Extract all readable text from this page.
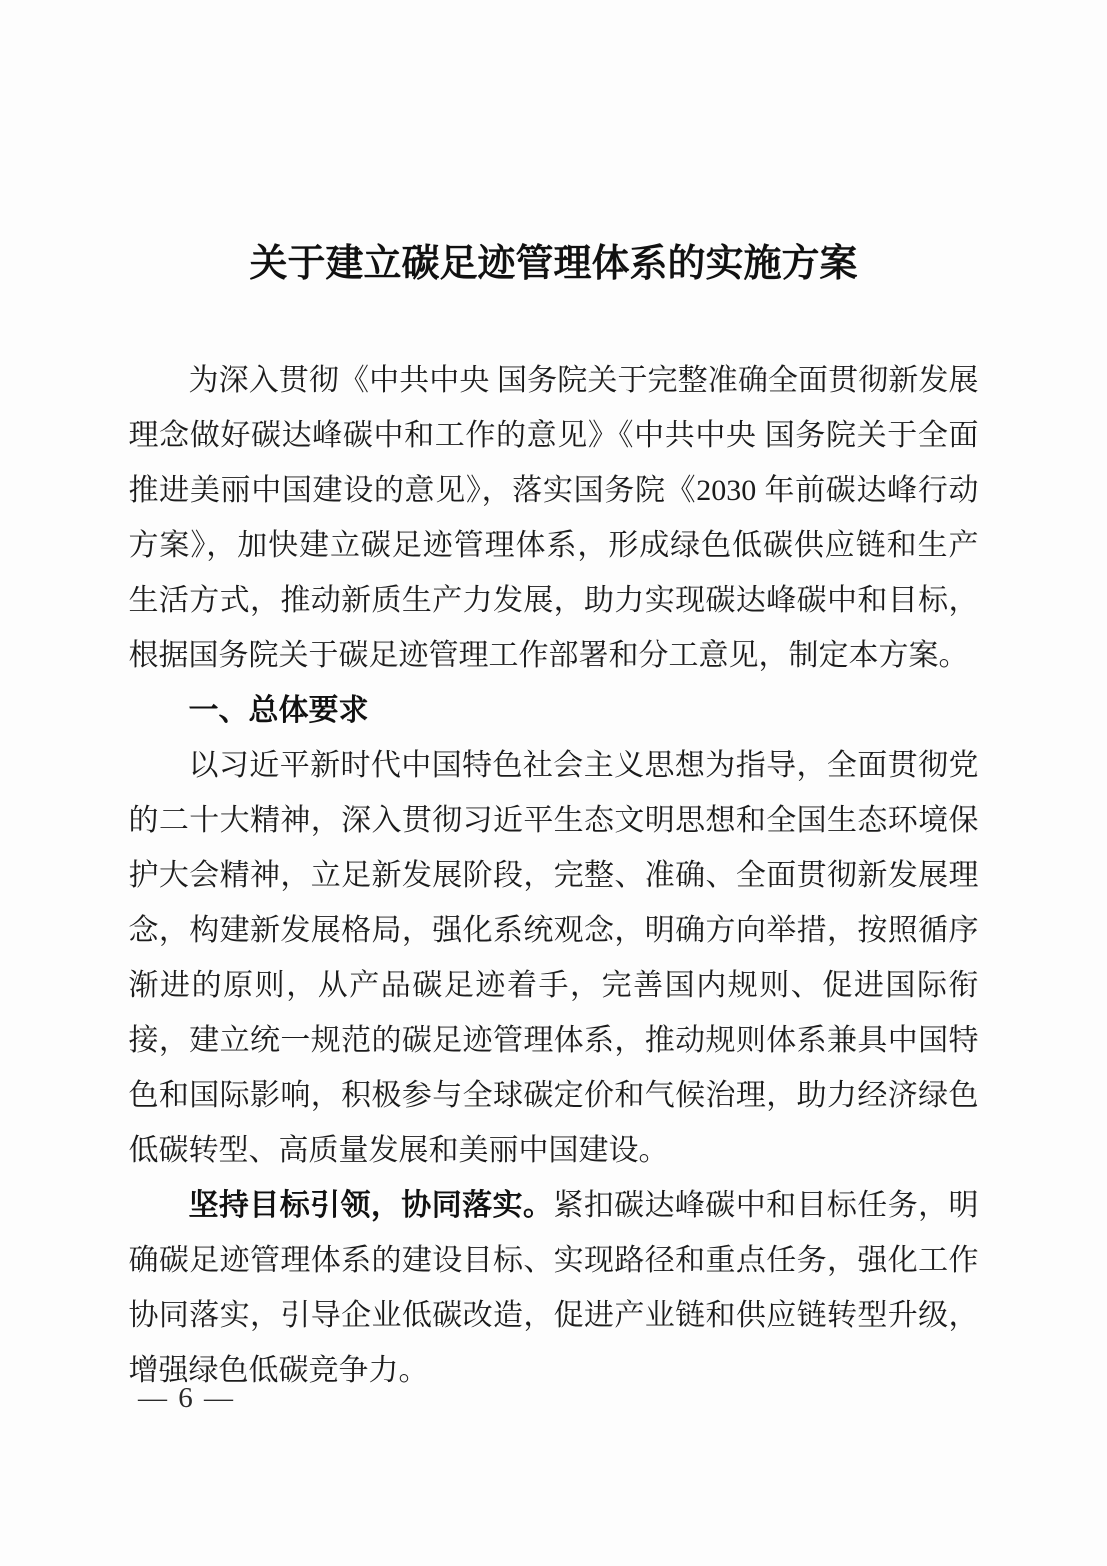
关于建立碳足迹管理体系的实施方案

为深入贯彻《中共中央 国务院关于完整准确全面贯彻新发展理念做好碳达峰碳中和工作的意见》《中共中央 国务院关于全面推进美丽中国建设的意见》，落实国务院《2030 年前碳达峰行动方案》，加快建立碳足迹管理体系，形成绿色低碳供应链和生产生活方式，推动新质生产力发展，助力实现碳达峰碳中和目标，根据国务院关于碳足迹管理工作部署和分工意见，制定本方案。

一、总体要求

以习近平新时代中国特色社会主义思想为指导，全面贯彻党的二十大精神，深入贯彻习近平生态文明思想和全国生态环境保护大会精神，立足新发展阶段，完整、准确、全面贯彻新发展理念，构建新发展格局，强化系统观念，明确方向举措，按照循序渐进的原则，从产品碳足迹着手，完善国内规则、促进国际衔接，建立统一规范的碳足迹管理体系，推动规则体系兼具中国特色和国际影响，积极参与全球碳定价和气候治理，助力经济绿色低碳转型、高质量发展和美丽中国建设。

坚持目标引领，协同落实。紧扣碳达峰碳中和目标任务，明确碳足迹管理体系的建设目标、实现路径和重点任务，强化工作协同落实，引导企业低碳改造，促进产业链和供应链转型升级，增强绿色低碳竞争力。

— 6 —
